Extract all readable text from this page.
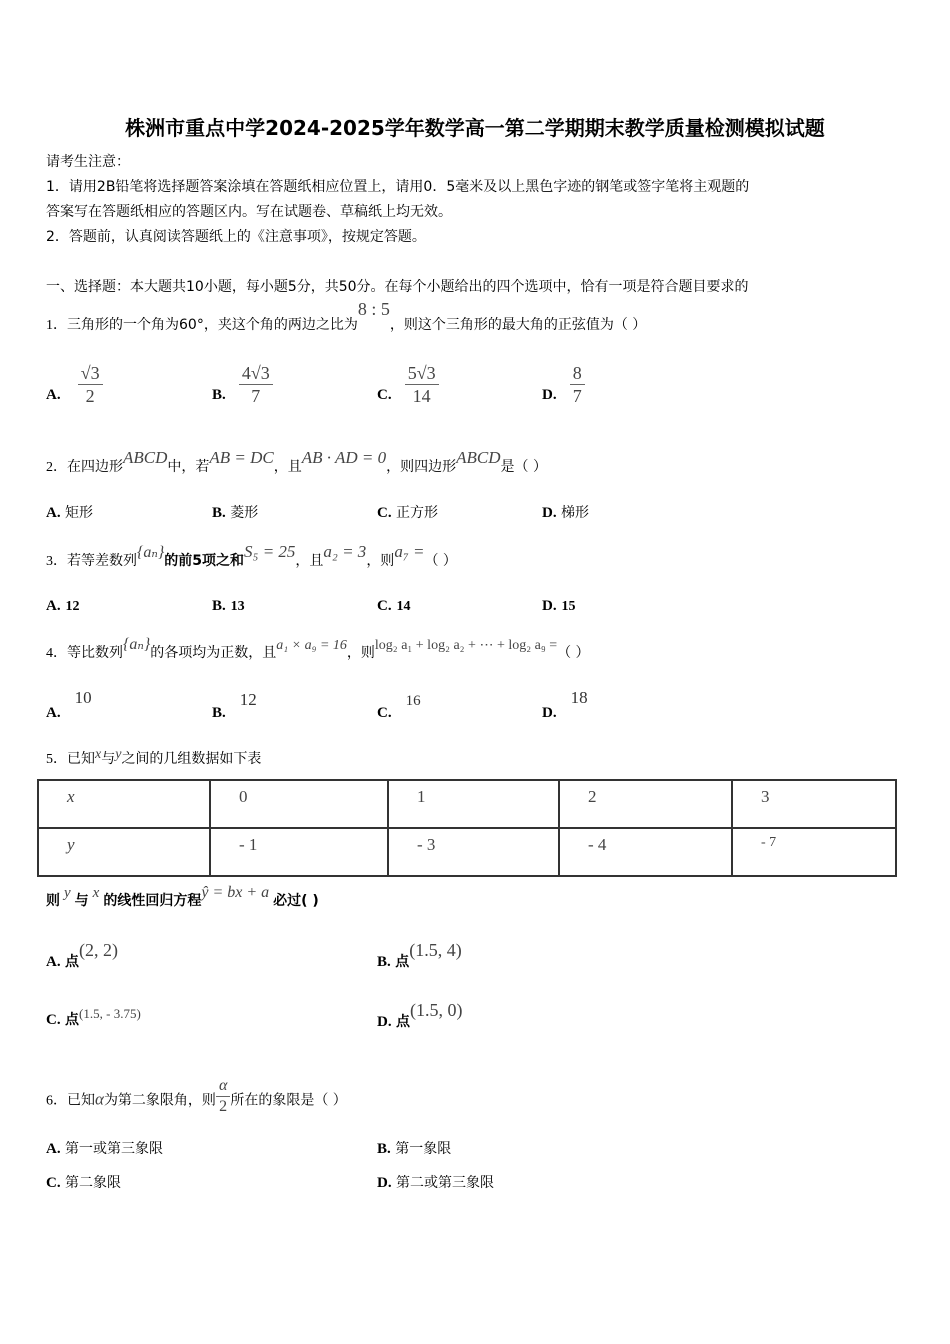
株洲市重点中学2024-2025学年数学高一第二学期期末教学质量检测模拟试题
请考生注意：
1．请用2B铅笔将选择题答案涂填在答题纸相应位置上，请用0．5毫米及以上黑色字迹的钢笔或签字笔将主观题的
答案写在答题纸相应的答题区内。写在试题卷、草稿纸上均无效。
2．答题前，认真阅读答题纸上的《注意事项》，按规定答题。
一、选择题：本大题共10小题，每小题5分，共50分。在每个小题给出的四个选项中，恰有一项是符合题目要求的
1．三角形的一个角为60°，夹这个角的两边之比为8 : 5，则这个三角形的最大角的正弦值为（ ）
A. $\frac{√3}{2}$	B. $\frac{4√3}{7}$	C. $\frac{5√3}{14}$	D. $\frac{8}{7}$
2．在四边形ABCD中，若AB = DC，且AB · AD = 0，则四边形ABCD是（ ）
A. 矩形	B. 菱形	C. 正方形	D. 梯形
3．若等差数列{aₙ}的前5项之和S₅ = 25，且a₂ = 3，则a₇ =（ ）
A. 12	B. 13	C. 14	D. 15
4．等比数列{aₙ}的各项均为正数，且a₁ × a₉ = 16，则log₂ a₁ + log₂ a₂ + ⋯ + log₂ a₉ =（ ）
A.10
B.12
C.16
D.18
5．已知x与y之间的几组数据如下表
x	0	1	2	3
y	- 1	- 3	- 4	- 7
则 y 与 x 的线性回归方程ŷ = bx + a 必过( )
A. 点(2, 2)
B. 点(1.5, 4)
C. 点(1.5, - 3.75)
D. 点(1.5, 0)
6．已知α为第二象限角，则 $\frac{\alpha}{2}$ 所在的象限是（ ）
A. 第一或第三象限	B. 第一象限
C. 第二象限	D. 第二或第三象限
